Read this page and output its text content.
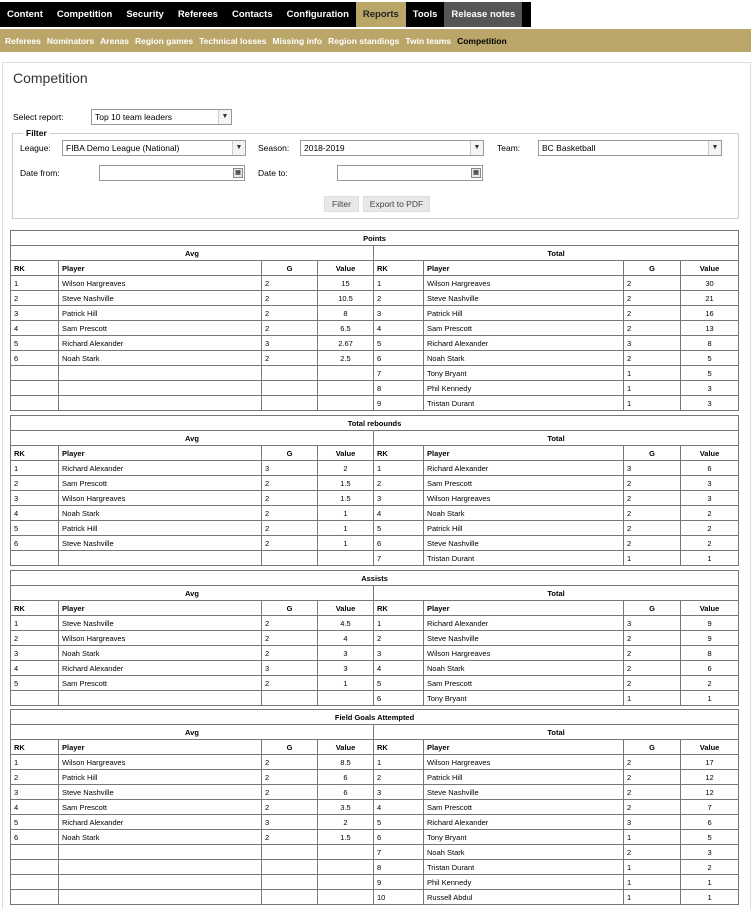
Content	Competition	Security	Referees	Contacts	Configuration	Reports	Tools	Release notes
Referees Nominators Arenas Region games Technical losses Missing info Region standings Twin teams Competition
Competition
Select report:	Top 10 team leaders	▼
Filter
League:	FIBA Demo League (National)	▼ Season:	2018-2019	▼ Team:	BC Basketball	▼
Date from:	▦ Date to:	▦
Filter	Export to PDF
Points							
Avg				Total			
RK	Player	G	Value	RK	Player	G	Value
1	Wilson Hargreaves	2	15	1	Wilson Hargreaves	2	30
2	Steve Nashville	2	10.5	2	Steve Nashville	2	21
3	Patrick Hill	2	8	3	Patrick Hill	2	16
4	Sam Prescott	2	6.5	4	Sam Prescott	2	13
5	Richard Alexander	3	2.67	5	Richard Alexander	3	8
6	Noah Stark	2	2.5	6	Noah Stark	2	5
				7	Tony Bryant	1	5
				8	Phil Kennedy	1	3
				9	Tristan Durant	1	3
Total rebounds							
Avg				Total			
RK	Player	G	Value	RK	Player	G	Value
1	Richard Alexander	3	2	1	Richard Alexander	3	6
2	Sam Prescott	2	1.5	2	Sam Prescott	2	3
3	Wilson Hargreaves	2	1.5	3	Wilson Hargreaves	2	3
4	Noah Stark	2	1	4	Noah Stark	2	2
5	Patrick Hill	2	1	5	Patrick Hill	2	2
6	Steve Nashville	2	1	6	Steve Nashville	2	2
				7	Tristan Durant	1	1
Assists							
Avg				Total			
RK	Player	G	Value	RK	Player	G	Value
1	Steve Nashville	2	4.5	1	Richard Alexander	3	9
2	Wilson Hargreaves	2	4	2	Steve Nashville	2	9
3	Noah Stark	2	3	3	Wilson Hargreaves	2	8
4	Richard Alexander	3	3	4	Noah Stark	2	6
5	Sam Prescott	2	1	5	Sam Prescott	2	2
				6	Tony Bryant	1	1
Field Goals Attempted							
Avg				Total			
RK	Player	G	Value	RK	Player	G	Value
1	Wilson Hargreaves	2	8.5	1	Wilson Hargreaves	2	17
2	Patrick Hill	2	6	2	Patrick Hill	2	12
3	Steve Nashville	2	6	3	Steve Nashville	2	12
4	Sam Prescott	2	3.5	4	Sam Prescott	2	7
5	Richard Alexander	3	2	5	Richard Alexander	3	6
6	Noah Stark	2	1.5	6	Tony Bryant	1	5
				7	Noah Stark	2	3
				8	Tristan Durant	1	2
				9	Phil Kennedy	1	1
				10	Russell Abdul	1	1
